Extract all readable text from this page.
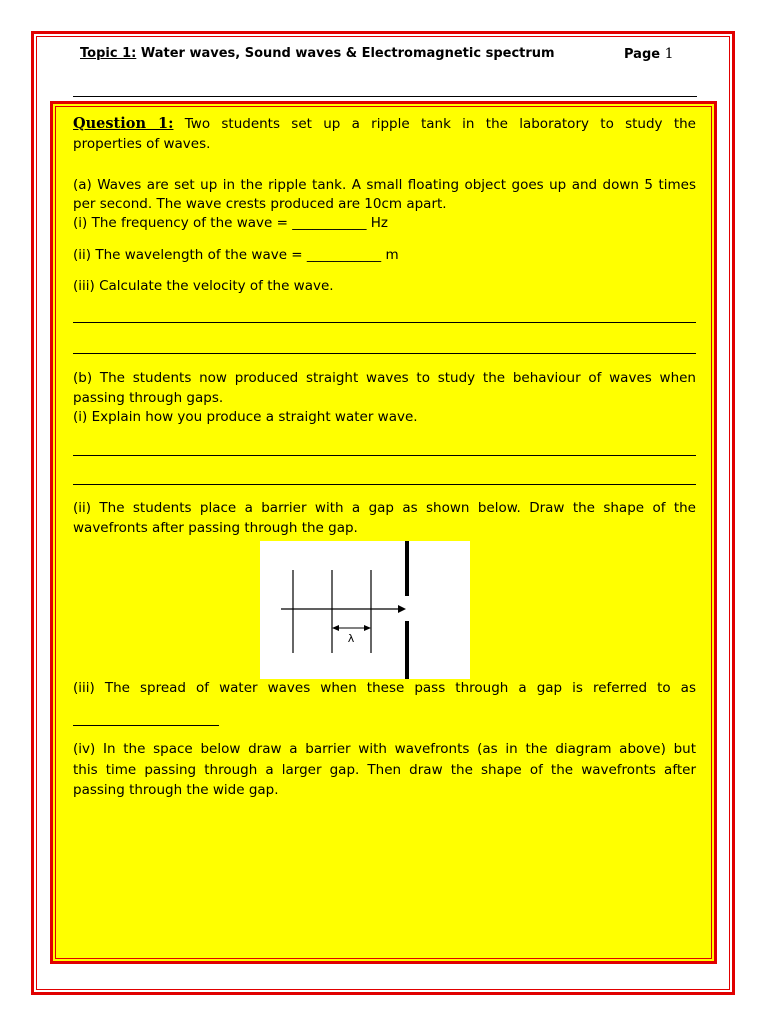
Topic 1: Water waves, Sound waves & Electromagnetic spectrum	Page 1
Question 1: Two students set up a ripple tank in the laboratory to study the
properties of waves.
(a) Waves are set up in the ripple tank. A small floating object goes up and down 5 times
per second. The wave crests produced are 10cm apart.
(i) The frequency of the wave = ___________ Hz
(ii) The wavelength of the wave = ___________ m
(iii) Calculate the velocity of the wave.
(b) The students now produced straight waves to study the behaviour of waves when
passing through gaps.
(i) Explain how you produce a straight water wave.
(ii) The students place a barrier with a gap as shown below. Draw the shape of the
wavefronts after passing through the gap.
λ
(iii) The spread of water waves when these pass through a gap is referred to as
(iv) In the space below draw a barrier with wavefronts (as in the diagram above) but
this time passing through a larger gap. Then draw the shape of the wavefronts after
passing through the wide gap.
